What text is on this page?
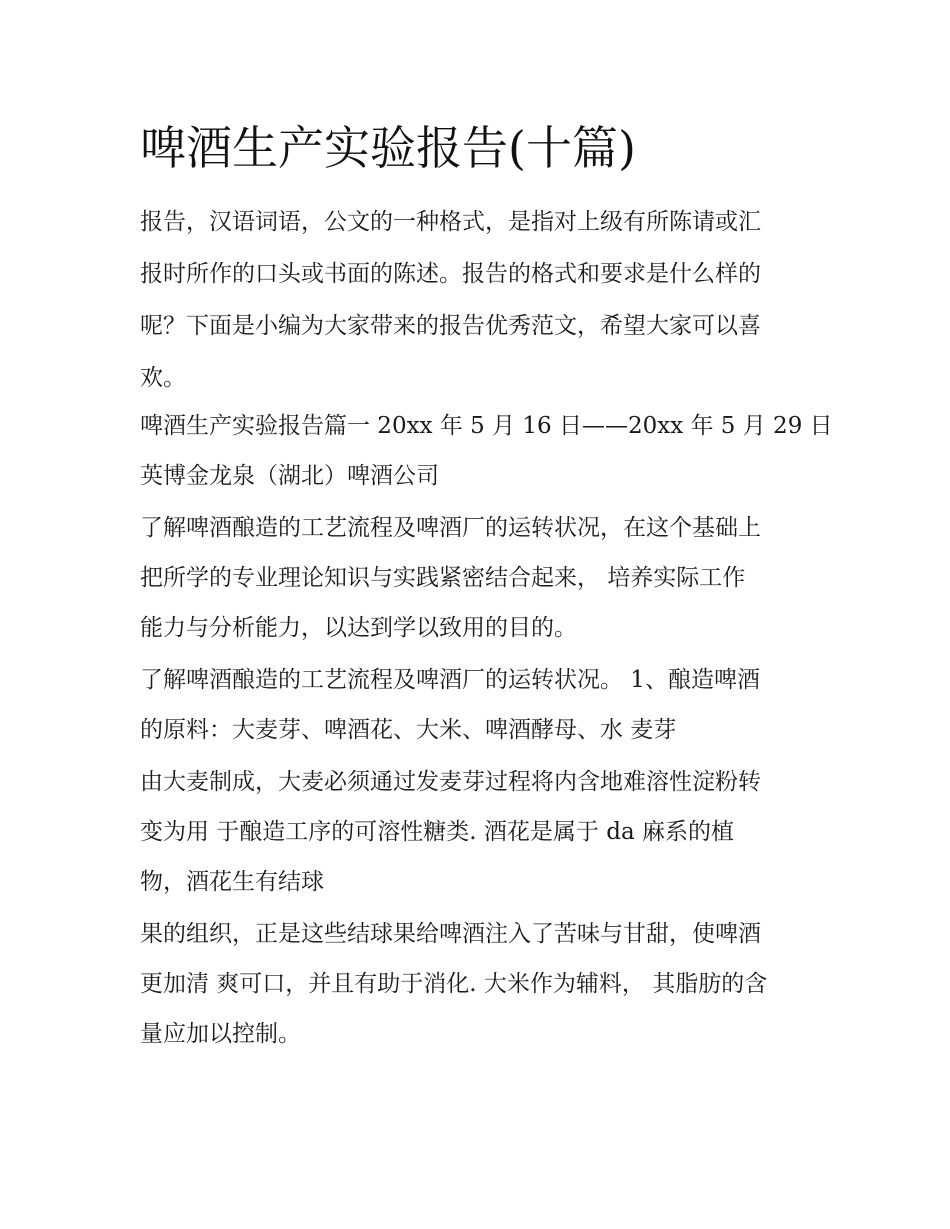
啤酒生产实验报告(十篇)

报告，汉语词语，公文的一种格式，是指对上级有所陈请或汇

报时所作的口头或书面的陈述。报告的格式和要求是什么样的

呢？下面是小编为大家带来的报告优秀范文，希望大家可以喜

欢。

啤酒生产实验报告篇一 20xx 年 5 月 16 日——20xx 年 5 月 29 日

英博金龙泉（湖北）啤酒公司

了解啤酒酿造的工艺流程及啤酒厂的运转状况，在这个基础上

把所学的专业理论知识与实践紧密结合起来， 培养实际工作

能力与分析能力，以达到学以致用的目的。

了解啤酒酿造的工艺流程及啤酒厂的运转状况。 1、酿造啤酒

的原料：大麦芽、啤酒花、大米、啤酒酵母、水 麦芽

由大麦制成，大麦必须通过发麦芽过程将内含地难溶性淀粉转

变为用 于酿造工序的可溶性糖类. 酒花是属于 da 麻系的植

物，酒花生有结球

果的组织，正是这些结球果给啤酒注入了苦味与甘甜，使啤酒

更加清 爽可口，并且有助于消化. 大米作为辅料， 其脂肪的含

量应加以控制。
